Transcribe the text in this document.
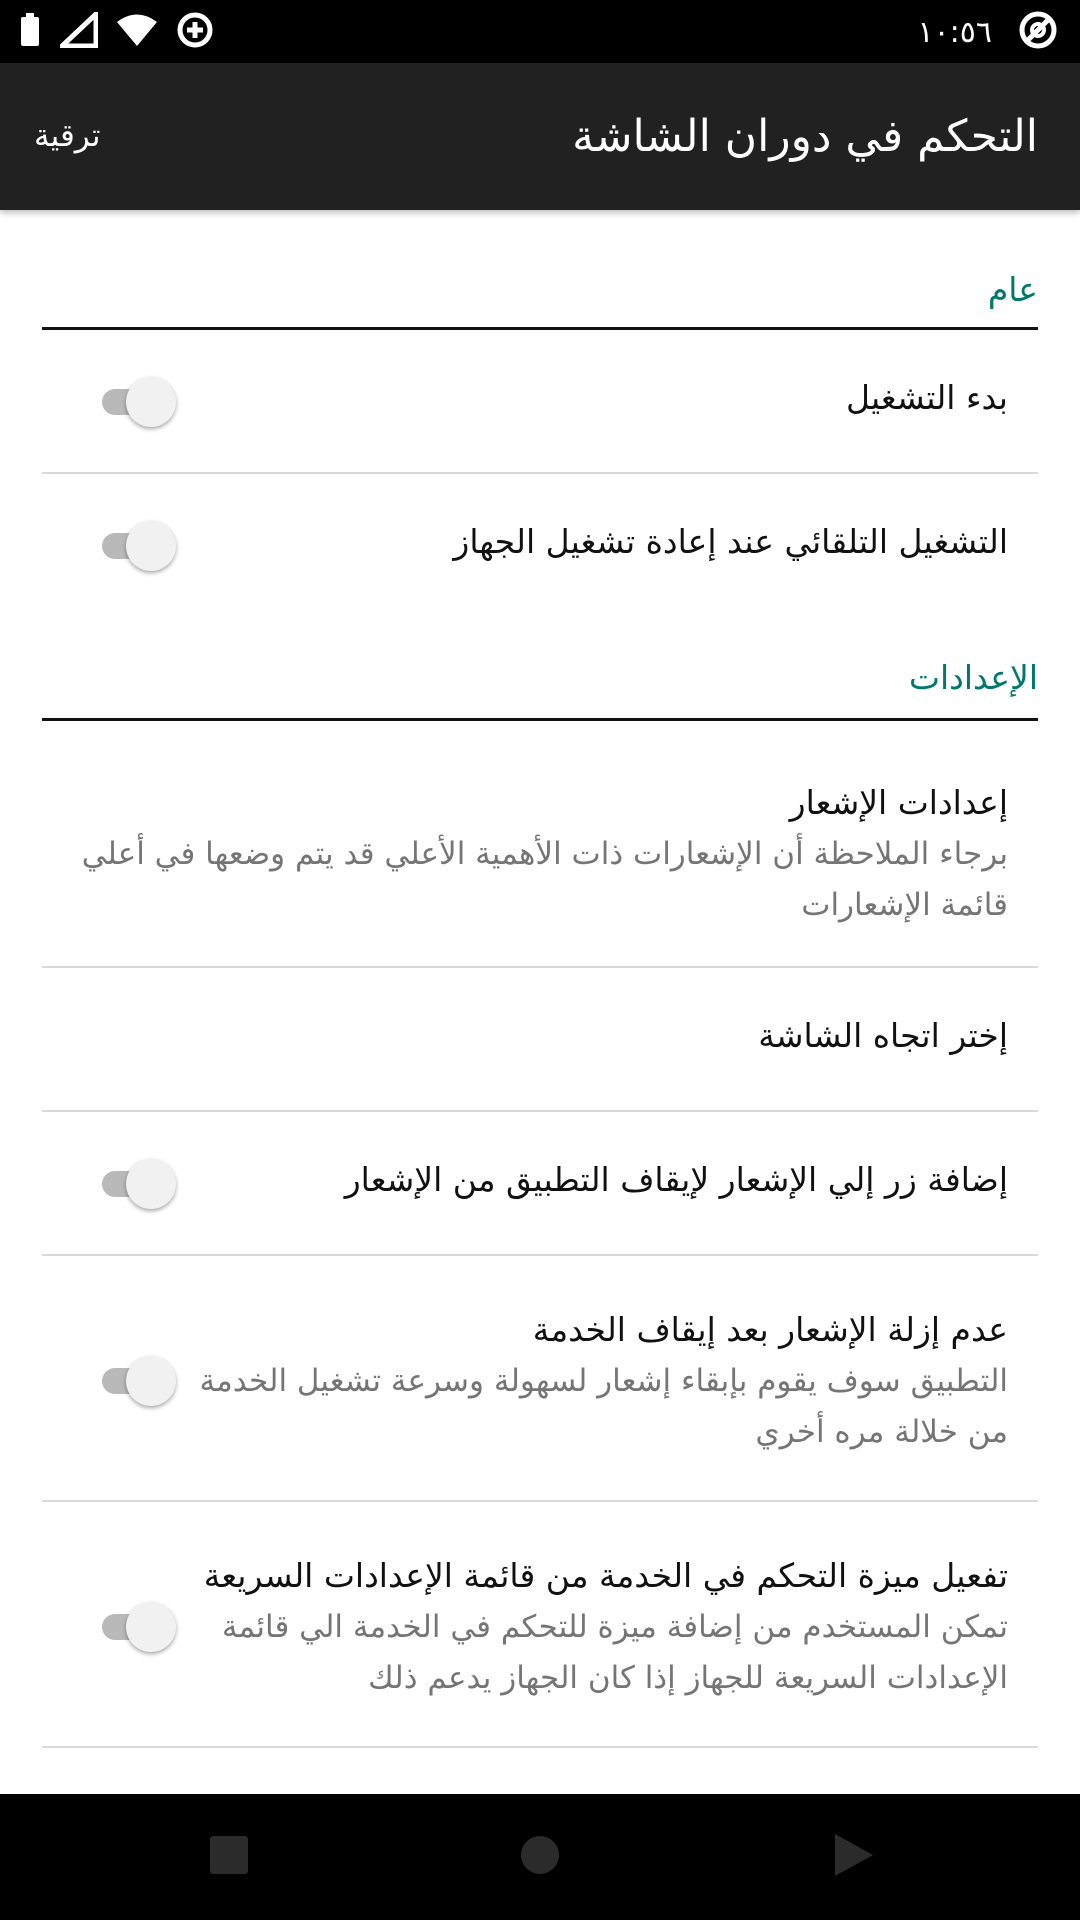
١٠:٥٦
التحكم في دوران الشاشة
ترقية
عام
بدء التشغيل
التشغيل التلقائي عند إعادة تشغيل الجهاز
الإعدادات
إعدادات الإشعار
برجاء الملاحظة أن الإشعارات ذات الأهمية الأعلي قد يتم وضعها في أعلي
قائمة الإشعارات
إختر اتجاه الشاشة
إضافة زر إلي الإشعار لإيقاف التطبيق من الإشعار
عدم إزلة الإشعار بعد إيقاف الخدمة
التطبيق سوف يقوم بإبقاء إشعار لسهولة وسرعة تشغيل الخدمة
من خلالة مره أخري
تفعيل ميزة التحكم في الخدمة من قائمة الإعدادات السريعة
تمكن المستخدم من إضافة ميزة للتحكم في الخدمة الي قائمة
الإعدادات السريعة للجهاز إذا كان الجهاز يدعم ذلك
